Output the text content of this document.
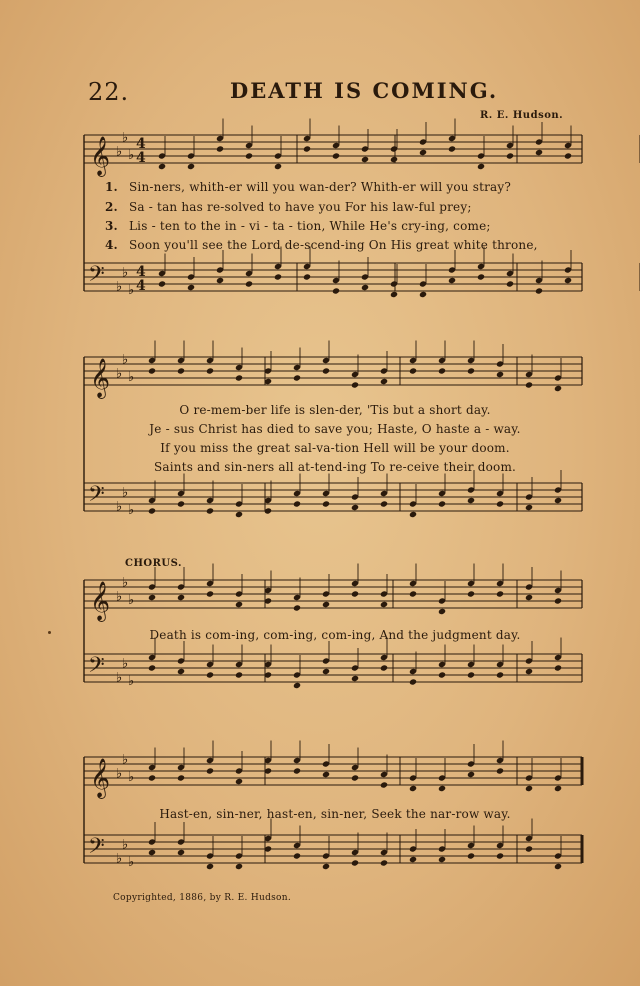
22.	DEATH IS COMING.
R. E. Hudson.
𝄞 ♭
♭
♭
𝄢 ♭
♭
♭
4
4
4
4
𝄞 ♭
♭
♭
𝄢 ♭
♭
♭
𝄞 ♭
♭
♭
𝄢 ♭
♭
♭
𝄞 ♭
♭
♭
𝄢 ♭
♭
♭
1. Sin-ners, whith-er will you wan-der? Whith-er will you stray?
2. Sa - tan has re-solved to have you For his law-ful prey;
3. Lis - ten to the in - vi - ta - tion, While He's cry-ing, come;
4. Soon you'll see the Lord de-scend-ing On His great white throne,
O re-mem-ber life is slen-der, 'Tis but a short day.
Je - sus Christ has died to save you; Haste, O haste a - way.
If you miss the great sal-va-tion Hell will be your doom.
Saints and sin-ners all at-tend-ing To re-ceive their doom.
CHORUS.
Death is com-ing, com-ing, com-ing, And the judgment day.
Hast-en, sin-ner, hast-en, sin-ner, Seek the nar-row way.
Copyrighted, 1886, by R. E. Hudson.
